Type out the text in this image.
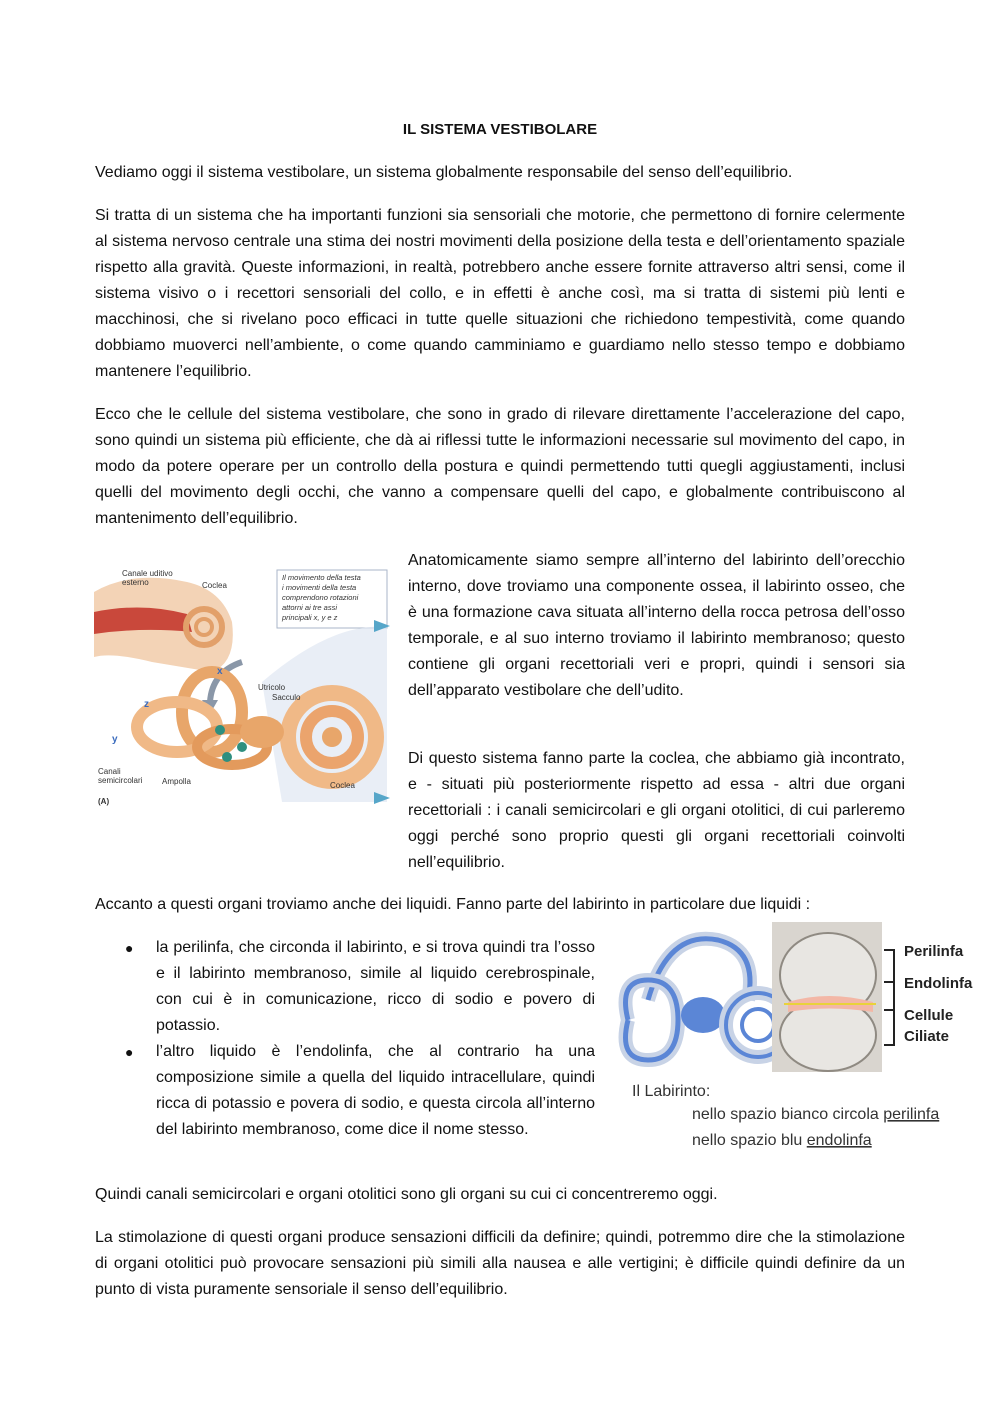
IL SISTEMA VESTIBOLARE

Vediamo oggi il sistema vestibolare, un sistema globalmente responsabile del senso dell’equilibrio.

Si tratta di un sistema che ha importanti funzioni sia sensoriali che motorie, che permettono di fornire celermente al sistema nervoso centrale una stima dei nostri movimenti della posizione della testa e dell’orientamento spaziale rispetto alla gravità. Queste informazioni, in realtà, potrebbero anche essere fornite attraverso altri sensi, come il sistema visivo o i recettori sensoriali del collo, e in effetti è anche così, ma si tratta di sistemi più lenti e macchinosi, che si rivelano poco efficaci in tutte quelle situazioni che richiedono tempestività, come quando dobbiamo muoverci nell’ambiente, o come quando camminiamo e guardiamo nello stesso tempo e dobbiamo mantenere l’equilibrio.

Ecco che le cellule del sistema vestibolare, che sono in grado di rilevare direttamente l’accelerazione del capo, sono quindi un sistema più efficiente, che dà ai riflessi tutte le informazioni necessarie sul movimento del capo, in modo da potere operare per un controllo della postura e quindi permettendo tutti quegli aggiustamenti, inclusi quelli del movimento degli occhi, che vanno a compensare quelli del capo, e globalmente contribuiscono al mantenimento dell’equilibrio.

Canale uditivo
esterno	Coclea
Il movimento della testa
i movimenti della testa
comprendono rotazioni
attorni ai tre assi
principali x, y e z
x
z
y
Utricolo
Sacculo
Canali
semicircolari Ampolla	Coclea
(A)

Anatomicamente siamo sempre all’interno del labirinto dell’orecchio interno, dove troviamo una componente ossea, il labirinto osseo, che è una formazione cava situata all’interno della rocca petrosa dell’osso temporale, e al suo interno troviamo il labirinto membranoso; questo contiene gli organi recettoriali veri e propri, quindi i sensori sia dell’apparato vestibolare che dell’udito.

Di questo sistema fanno parte la coclea, che abbiamo già incontrato, e - situati più posteriormente rispetto ad essa - altri due organi recettoriali : i canali semicircolari e gli organi otolitici, di cui parleremo oggi perché sono proprio questi gli organi recettoriali coinvolti nell’equilibrio.

Accanto a questi organi troviamo anche dei liquidi. Fanno parte del labirinto in particolare due liquidi :

● la perilinfa, che circonda il labirinto, e si trova quindi tra l’osso e il labirinto membranoso, simile al liquido cerebrospinale, con cui è in comunicazione, ricco di sodio e povero di potassio.
● l’altro liquido è l’endolinfa, che al contrario ha una composizione simile a quella del liquido intracellulare, quindi ricca di potassio e povera di sodio, e questa circola all’interno del labirinto membranoso, come dice il nome stesso.
Perilinfa
Endolinfa
Cellule
Ciliate
Il Labirinto:
nello spazio bianco circola perilinfa
nello spazio blu endolinfa

Quindi canali semicircolari e organi otolitici sono gli organi su cui ci concentreremo oggi.

La stimolazione di questi organi produce sensazioni difficili da definire; quindi, potremmo dire che la stimolazione di organi otolitici può provocare sensazioni più simili alla nausea e alle vertigini; è difficile quindi definire da un punto di vista puramente sensoriale il senso dell’equilibrio.
